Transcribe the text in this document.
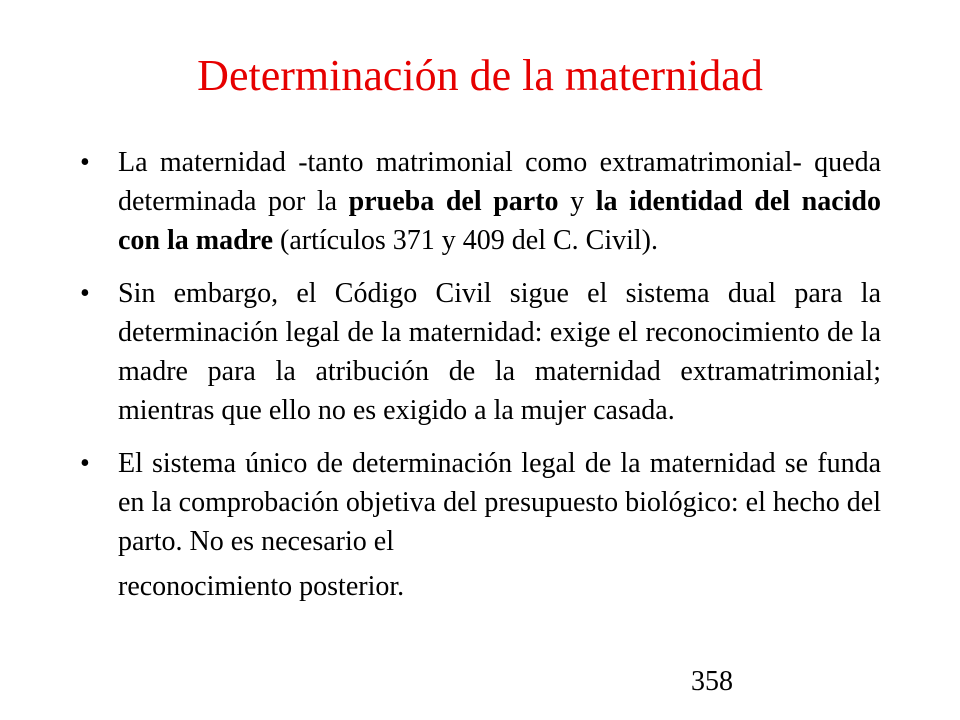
Determinación de la maternidad
• La maternidad -tanto matrimonial como extramatrimonial- queda determinada por la prueba del parto y la identidad del nacido con la madre (artículos 371 y 409 del C. Civil).
• Sin embargo, el Código Civil sigue el sistema dual para la determinación legal de la maternidad: exige el reconocimiento de la madre para la atribución de la maternidad extramatrimonial; mientras que ello no es exigido a la mujer casada.
• El sistema único de determinación legal de la maternidad se funda en la comprobación objetiva del presupuesto biológico: el hecho del parto. No es necesario el
reconocimiento posterior.
358
